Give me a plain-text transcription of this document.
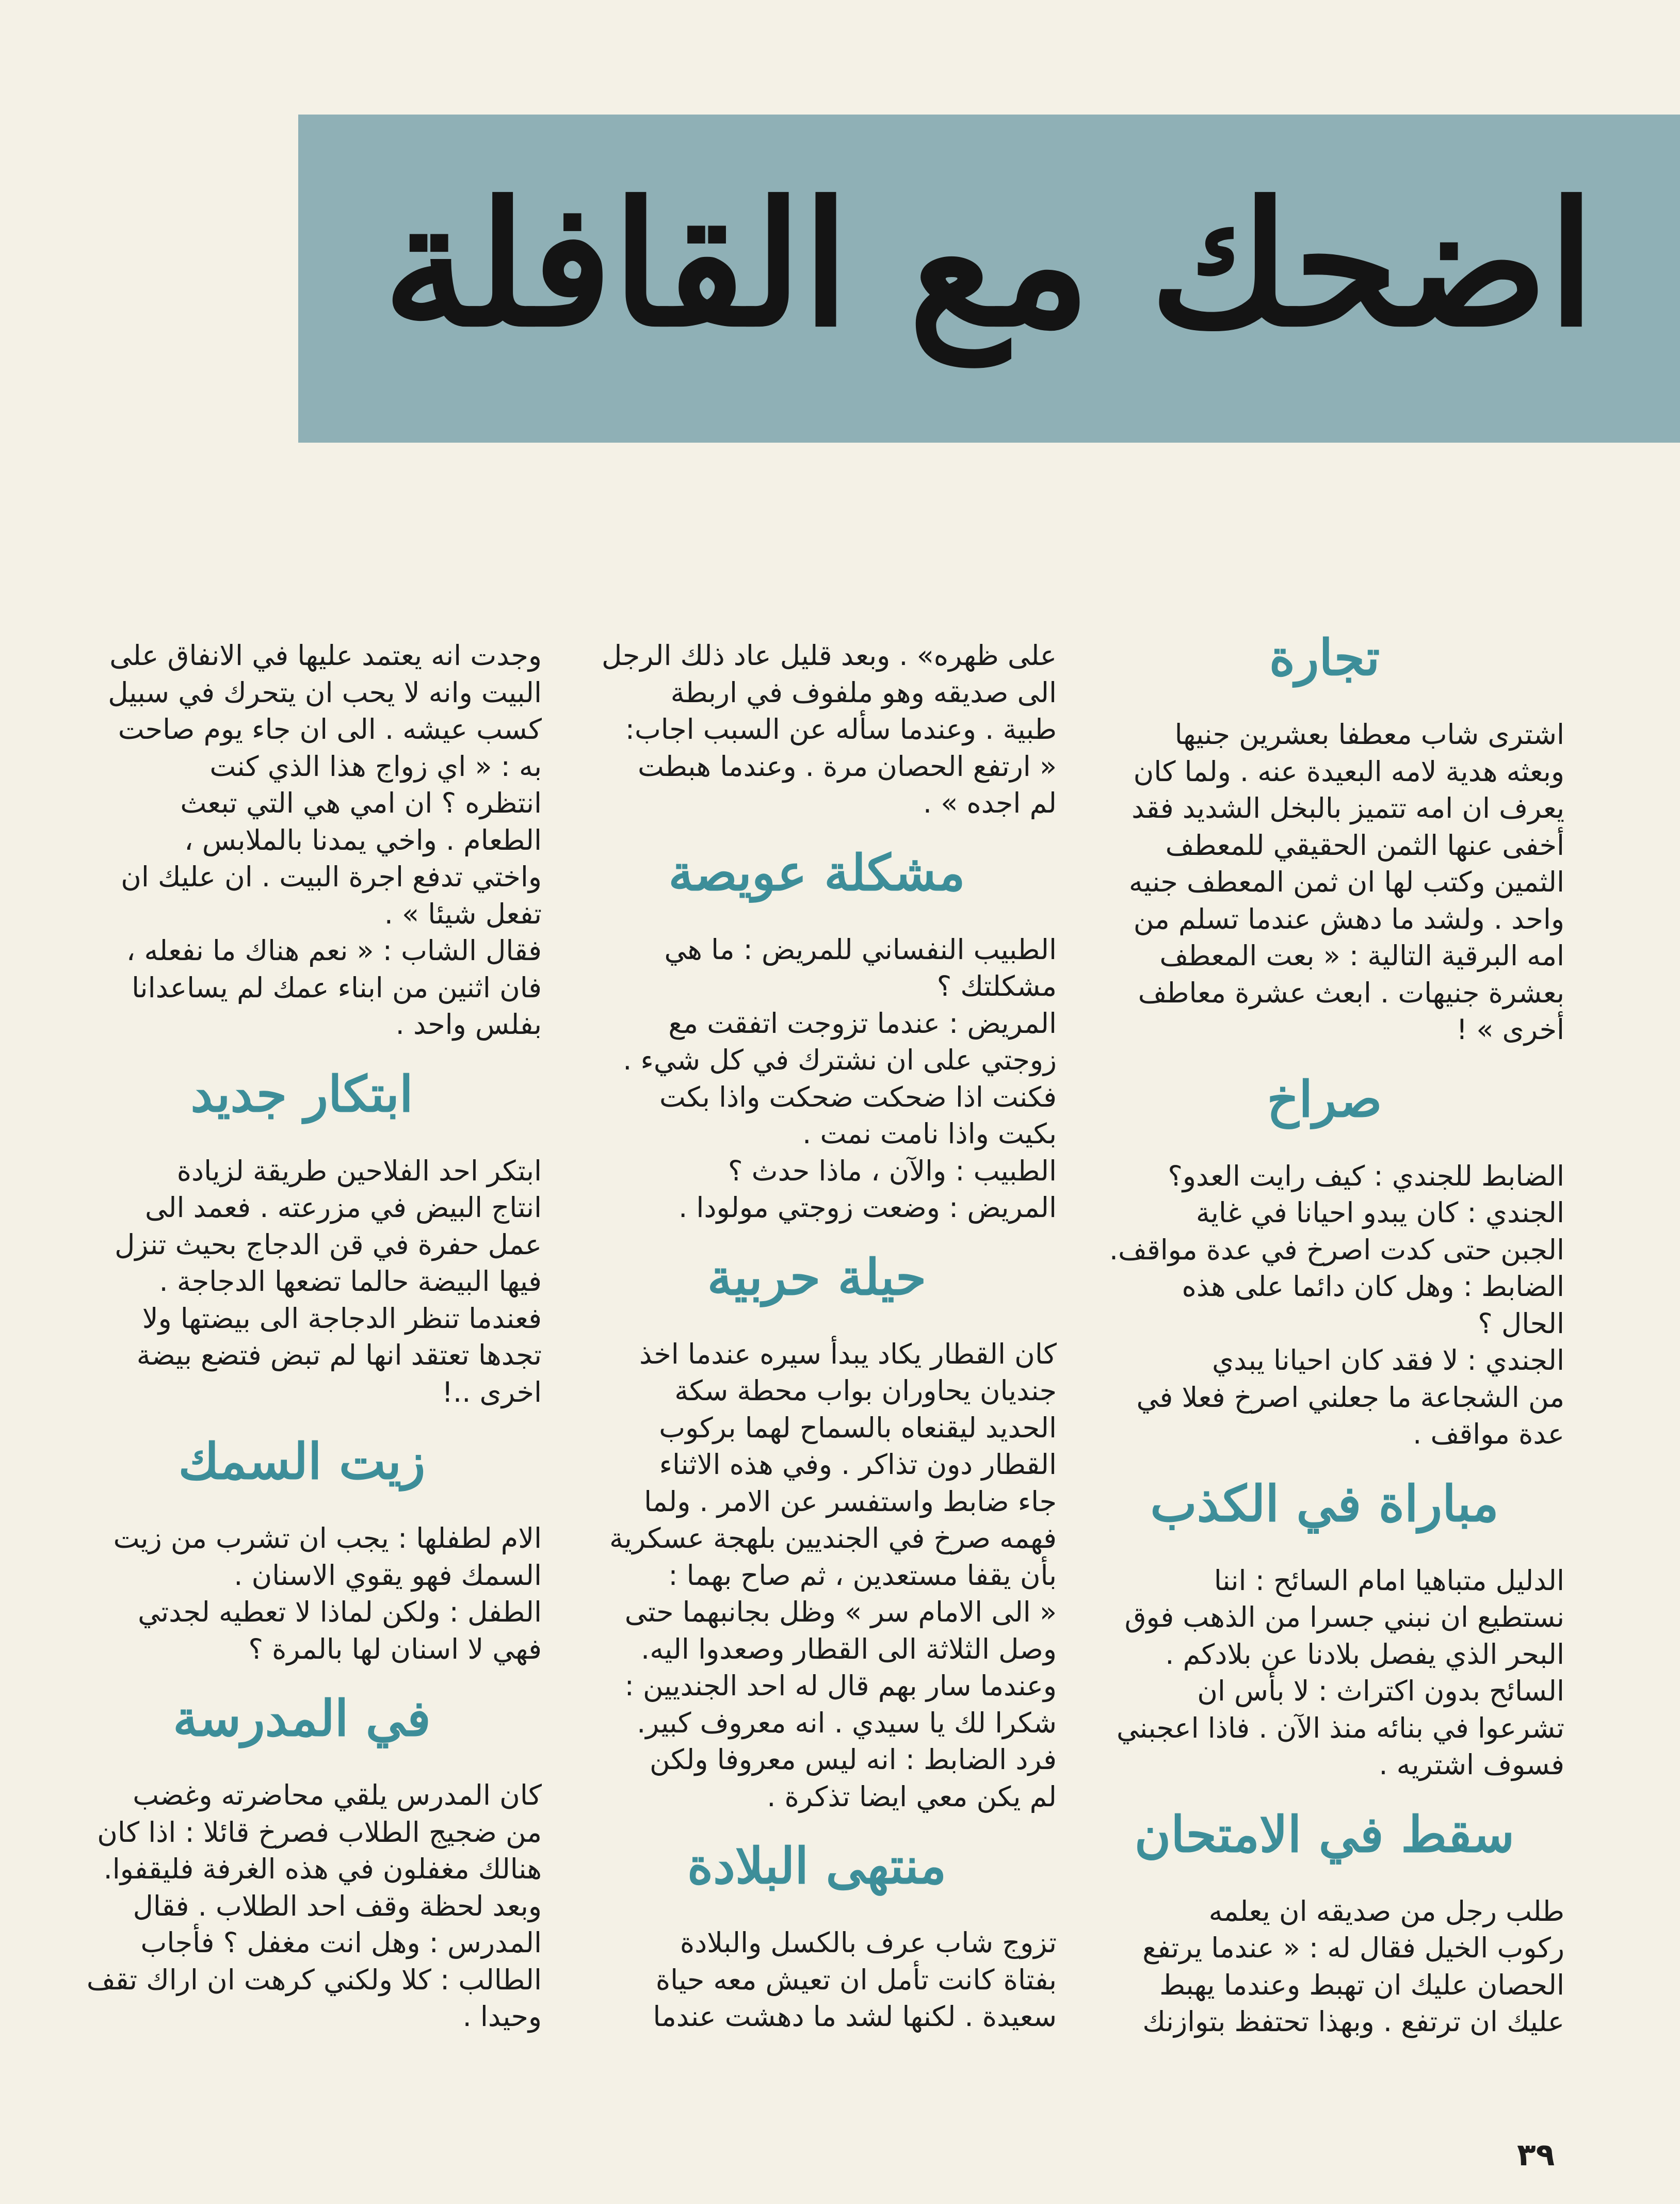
اضحك مع القافلة
تجارة

اشترى شاب معطفا بعشرين جنيها
وبعثه هدية لامه البعيدة عنه . ولما كان
يعرف ان امه تتميز بالبخل الشديد فقد
أخفى عنها الثمن الحقيقي للمعطف
الثمين وكتب لها ان ثمن المعطف جنيه
واحد . ولشد ما دهش عندما تسلم من
امه البرقية التالية : « بعت المعطف
بعشرة جنيهات . ابعث عشرة معاطف
أخرى » !

صراخ

الضابط للجندي : كيف رايت العدو؟
الجندي : كان يبدو احيانا في غاية
الجبن حتى كدت اصرخ في عدة مواقف.
الضابط : وهل كان دائما على هذه
الحال ؟
الجندي : لا فقد كان احيانا يبدي
من الشجاعة ما جعلني اصرخ فعلا في
عدة مواقف .

مباراة في الكذب

الدليل متباهيا امام السائح : اننا
نستطيع ان نبني جسرا من الذهب فوق
البحر الذي يفصل بلادنا عن بلادكم .
السائح بدون اكتراث : لا بأس ان
تشرعوا في بنائه منذ الآن . فاذا اعجبني
فسوف اشتريه .

سقط في الامتحان

طلب رجل من صديقه ان يعلمه
ركوب الخيل فقال له : « عندما يرتفع
الحصان عليك ان تهبط وعندما يهبط
عليك ان ترتفع . وبهذا تحتفظ بتوازنك

على ظهره» . وبعد قليل عاد ذلك الرجل
الى صديقه وهو ملفوف في اربطة
طبية . وعندما سأله عن السبب اجاب:
« ارتفع الحصان مرة . وعندما هبطت
لم اجده » .

مشكلة عويصة

الطبيب النفساني للمريض : ما هي
مشكلتك ؟
المريض : عندما تزوجت اتفقت مع
زوجتي على ان نشترك في كل شيء .
فكنت اذا ضحكت ضحكت واذا بكت
بكيت واذا نامت نمت .
الطبيب : والآن ، ماذا حدث ؟
المريض : وضعت زوجتي مولودا .

حيلة حربية

كان القطار يكاد يبدأ سيره عندما اخذ
جنديان يحاوران بواب محطة سكة
الحديد ليقنعاه بالسماح لهما بركوب
القطار دون تذاكر . وفي هذه الاثناء
جاء ضابط واستفسر عن الامر . ولما
فهمه صرخ في الجنديين بلهجة عسكرية
بأن يقفا مستعدين ، ثم صاح بهما :
« الى الامام سر » وظل بجانبهما حتى
وصل الثلاثة الى القطار وصعدوا اليه.
وعندما سار بهم قال له احد الجنديين :
شكرا لك يا سيدي . انه معروف كبير.
فرد الضابط : انه ليس معروفا ولكن
لم يكن معي ايضا تذكرة .

منتهى البلادة

تزوج شاب عرف بالكسل والبلادة
بفتاة كانت تأمل ان تعيش معه حياة
سعيدة . لكنها لشد ما دهشت عندما

وجدت انه يعتمد عليها في الانفاق على
البيت وانه لا يحب ان يتحرك في سبيل
كسب عيشه . الى ان جاء يوم صاحت
به : « اي زواج هذا الذي كنت
انتظره ؟ ان امي هي التي تبعث
الطعام . واخي يمدنا بالملابس ،
واختي تدفع اجرة البيت . ان عليك ان
تفعل شيئا » .
فقال الشاب : « نعم هناك ما نفعله ،
فان اثنين من ابناء عمك لم يساعدانا
بفلس واحد .

ابتكار جديد

ابتكر احد الفلاحين طريقة لزيادة
انتاج البيض في مزرعته . فعمد الى
عمل حفرة في قن الدجاج بحيث تنزل
فيها البيضة حالما تضعها الدجاجة .
فعندما تنظر الدجاجة الى بيضتها ولا
تجدها تعتقد انها لم تبض فتضع بيضة
اخرى ..!

زيت السمك

الام لطفلها : يجب ان تشرب من زيت
السمك فهو يقوي الاسنان .
الطفل : ولكن لماذا لا تعطيه لجدتي
فهي لا اسنان لها بالمرة ؟

في المدرسة

كان المدرس يلقي محاضرته وغضب
من ضجيج الطلاب فصرخ قائلا : اذا كان
هنالك مغفلون في هذه الغرفة فليقفوا.
وبعد لحظة وقف احد الطلاب . فقال
المدرس : وهل انت مغفل ؟ فأجاب
الطالب : كلا ولكني كرهت ان اراك تقف
وحيدا .

٣٩
